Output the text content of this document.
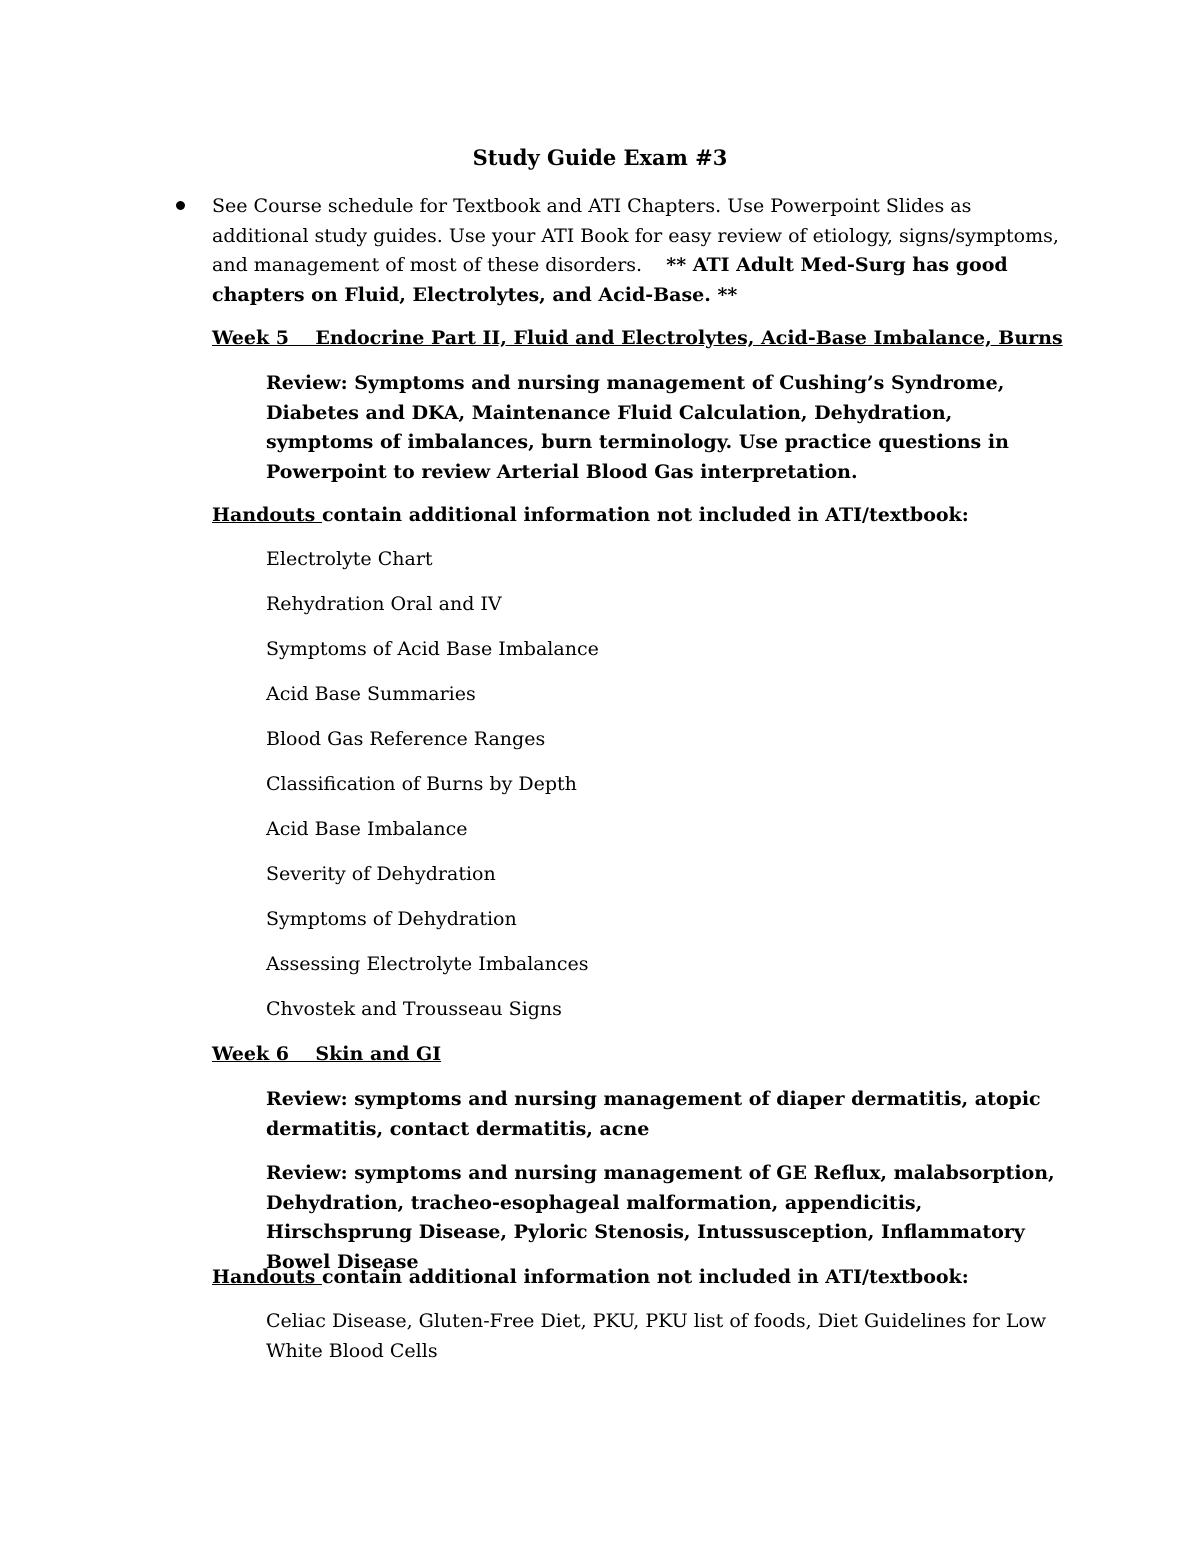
Study Guide Exam #3
See Course schedule for Textbook and ATI Chapters. Use Powerpoint Slides as additional study guides. Use your ATI Book for easy review of etiology, signs/symptoms, and management of most of these disorders. ** ATI Adult Med-Surg has good chapters on Fluid, Electrolytes, and Acid-Base. **
Week 5    Endocrine Part II, Fluid and Electrolytes, Acid-Base Imbalance, Burns
Review: Symptoms and nursing management of Cushing’s Syndrome, Diabetes and DKA, Maintenance Fluid Calculation, Dehydration, symptoms of imbalances, burn terminology. Use practice questions in Powerpoint to review Arterial Blood Gas interpretation.
Handouts contain additional information not included in ATI/textbook:
Electrolyte Chart
Rehydration Oral and IV
Symptoms of Acid Base Imbalance
Acid Base Summaries
Blood Gas Reference Ranges
Classification of Burns by Depth
Acid Base Imbalance
Severity of Dehydration
Symptoms of Dehydration
Assessing Electrolyte Imbalances
Chvostek and Trousseau Signs
Week 6    Skin and GI
Review: symptoms and nursing management of diaper dermatitis, atopic dermatitis, contact dermatitis, acne
Review: symptoms and nursing management of GE Reflux, malabsorption, Dehydration, tracheo-esophageal malformation, appendicitis, Hirschsprung Disease, Pyloric Stenosis, Intussusception, Inflammatory Bowel Disease
Handouts contain additional information not included in ATI/textbook:
Celiac Disease, Gluten-Free Diet, PKU, PKU list of foods, Diet Guidelines for Low White Blood Cells
